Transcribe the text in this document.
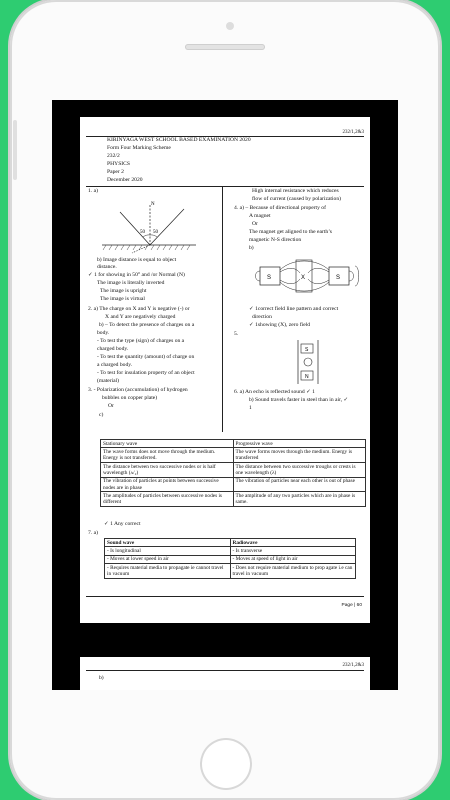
232/1,2&3
KIRINYAGA WEST SCHOOL BASED EXAMINATION 2020
Form Four Marking Scheme
232/2
PHYSICS
Paper 2
December 2020
1. a)
50 50
N
b) Image distance is equal to object
distance.
✓ 1 for showing in 50° and /or Normal (N)
The image is literally inverted
The image is upright
The image is virtual
2. a) The charge on X and Y is negative (-) or
X and Y are negatively charged
b) – To detect the presence of charges on a
body.
- To test the type (sign) of charges on a
charged body.
- To test the quantity (amount) of charge on
a charged body.
- To test for insulation property of an object
(material)
3. - Polarization (accumulation) of hydrogen
bubbles on copper plate)
Or
c)
High internal resistance which reduces
flow of current (caused by polarization)
4. a) – Because of directional property of
A magnet
Or
The magnet get aligned to the earth’s
magnetic N-S direction
b)
S	X	S
✓ 1correct field line pattern and correct
direction
✓ 1showing (X), zero field
5.
S
N
6. a) An echo is reflected sound ✓ 1
b) Sound travels faster in steel than in air, ✓
1
Stationary wave	Progressive wave
The wave forms does not move through the medium. Energy is not transferred.	The wave forms moves through the medium. Energy is transferred
The distance between two successive nodes or is half wavelength (ᴧ/₂)	The distance between two successive troughs or crests is one wavelength (λ)
The vibration of particles at points between successive nodes are in phase	The vibration of particles near each other is out of phase
The amplitudes of particles between successive nodes is different	The amplitude of any two particles which are in phase is same.
✓ 1 Any correct
7. a)
Sound wave	Radiowave
- Is longitudinal	- Is transverse
- Moves at lower speed in air	- Moves at speed of light in air
- Requires material media to propagate ie cannot travel in vacuum	- Does not require material medium to prop agate i.e can travel in vacuum
Page | 60
232/1,2&3
b)
